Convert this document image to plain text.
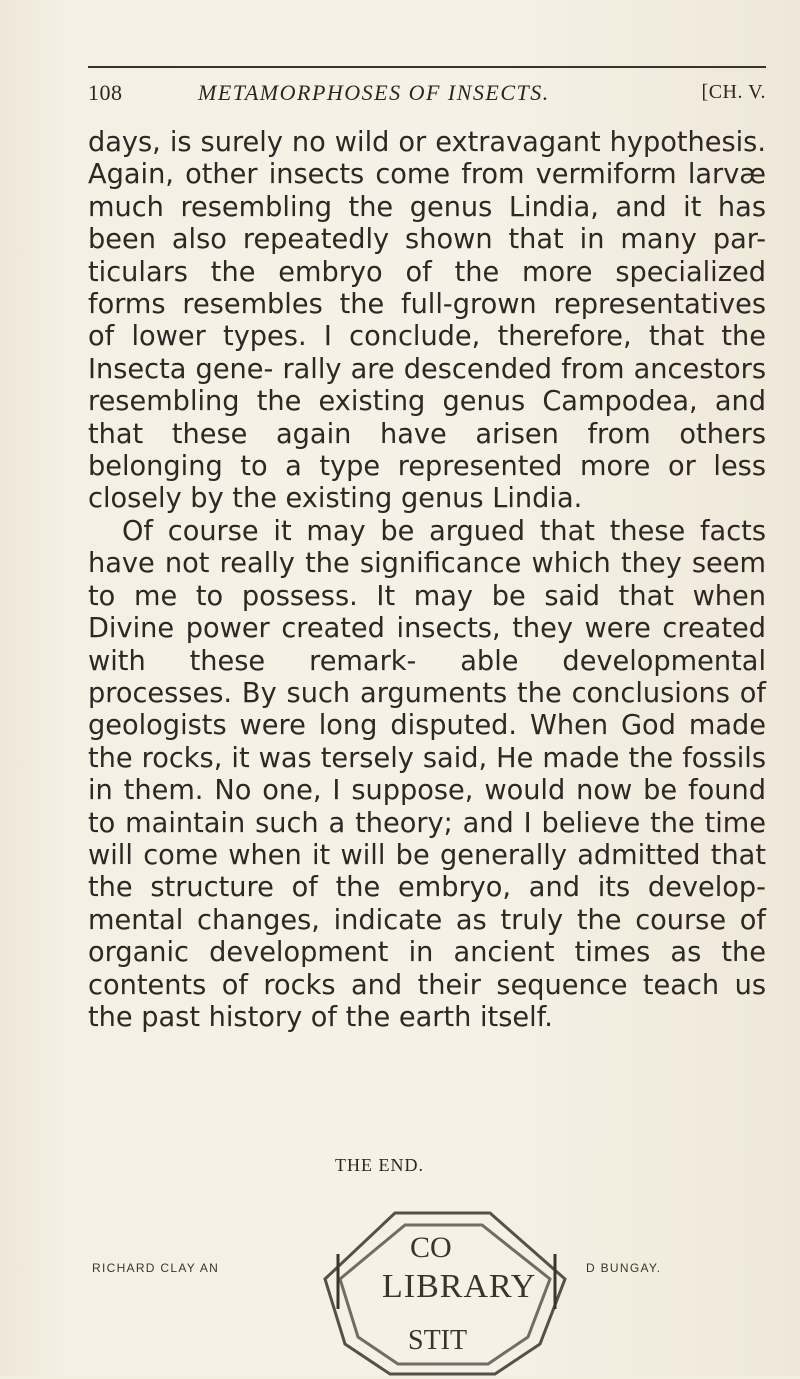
108	METAMORPHOSES OF INSECTS.	[CH. V.

days, is surely no wild or extravagant hypothesis. Again, other insects come from vermiform larvæ much resembling the genus Lindia, and it has been also repeatedly shown that in many par- ticulars the embryo of the more specialized forms resembles the full-grown representatives of lower types. I conclude, therefore, that the Insecta gene- rally are descended from ancestors resembling the existing genus Campodea, and that these again have arisen from others belonging to a type represented more or less closely by the existing genus Lindia.

Of course it may be argued that these facts have not really the significance which they seem to me to possess. It may be said that when Divine power created insects, they were created with these remark- able developmental processes. By such arguments the conclusions of geologists were long disputed. When God made the rocks, it was tersely said, He made the fossils in them. No one, I suppose, would now be found to maintain such a theory; and I believe the time will come when it will be generally admitted that the structure of the embryo, and its develop- mental changes, indicate as truly the course of organic development in ancient times as the contents of rocks and their sequence teach us the past history of the earth itself.

RICHARD CLAY AN	D BUNGAY.
CO
LIBRARY
STIT
THE END.
